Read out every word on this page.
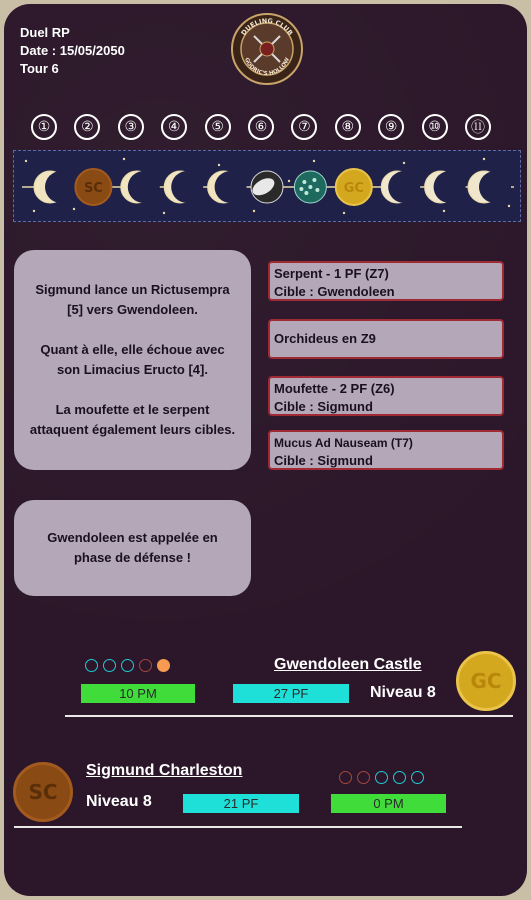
Duel RP
Date : 15/05/2050
Tour 6
DUELING CLUB
GODRIC'S HOLLOW
①	②	③	④	⑤	⑥	⑦	⑧	⑨	⑩	⑪
SC	GC
Sigmund lance un Rictusempra [5] vers Gwendoleen.

Quant à elle, elle échoue avec son Limacius Eructo [4].

La moufette et le serpent attaquent également leurs cibles.
Gwendoleen est appelée en phase de défense !
Serpent - 1 PF (Z7)
Cible : Gwendoleen
Orchideus en Z9
Moufette - 2 PF (Z6)
Cible : Sigmund
Mucus Ad Nauseam (T7)
Cible : Sigmund
Gwendoleen Castle
10 PM	27 PF	Niveau 8 GC
SC
Sigmund Charleston
Niveau 8	21 PF	0 PM
